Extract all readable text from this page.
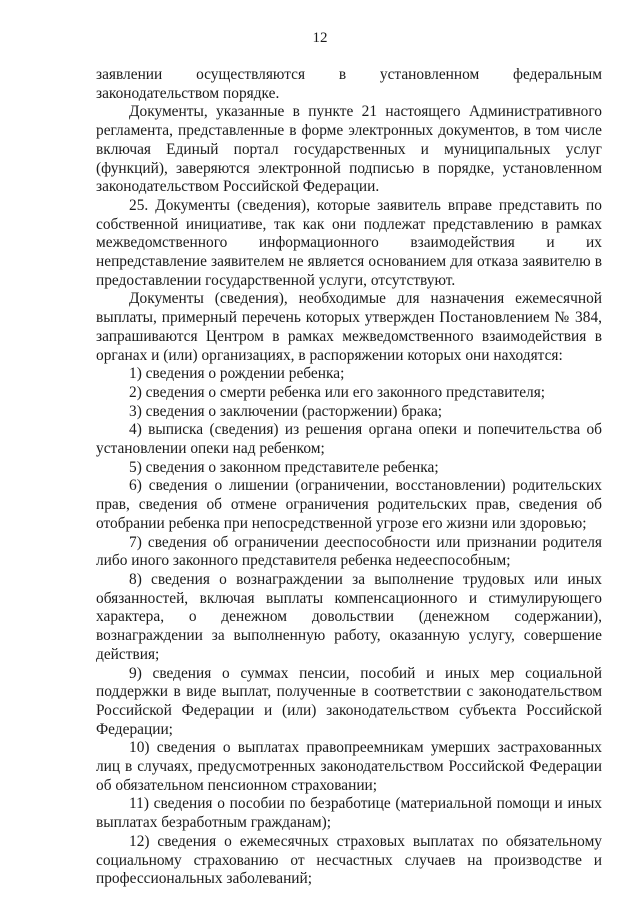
12

заявлении осуществляются в установленном федеральным законодательством порядке.

Документы, указанные в пункте 21 настоящего Административного регламента, представленные в форме электронных документов, в том числе включая Единый портал государственных и муниципальных услуг (функций), заверяются электронной подписью в порядке, установленном законодательством Российской Федерации.

25. Документы (сведения), которые заявитель вправе представить по собственной инициативе, так как они подлежат представлению в рамках межведомственного информационного взаимодействия и их непредставление заявителем не является основанием для отказа заявителю в предоставлении государственной услуги, отсутствуют.

Документы (сведения), необходимые для назначения ежемесячной выплаты, примерный перечень которых утвержден Постановлением № 384, запрашиваются Центром в рамках межведомственного взаимодействия в органах и (или) организациях, в распоряжении которых они находятся:

1) сведения о рождении ребенка;

2) сведения о смерти ребенка или его законного представителя;

3) сведения о заключении (расторжении) брака;

4) выписка (сведения) из решения органа опеки и попечительства об установлении опеки над ребенком;

5) сведения о законном представителе ребенка;

6) сведения о лишении (ограничении, восстановлении) родительских прав, сведения об отмене ограничения родительских прав, сведения об отобрании ребенка при непосредственной угрозе его жизни или здоровью;

7) сведения об ограничении дееспособности или признании родителя либо иного законного представителя ребенка недееспособным;

8) сведения о вознаграждении за выполнение трудовых или иных обязанностей, включая выплаты компенсационного и стимулирующего характера, о денежном довольствии (денежном содержании), вознаграждении за выполненную работу, оказанную услугу, совершение действия;

9) сведения о суммах пенсии, пособий и иных мер социальной поддержки в виде выплат, полученные в соответствии с законодательством Российской Федерации и (или) законодательством субъекта Российской Федерации;

10) сведения о выплатах правопреемникам умерших застрахованных лиц в случаях, предусмотренных законодательством Российской Федерации об обязательном пенсионном страховании;

11) сведения о пособии по безработице (материальной помощи и иных выплатах безработным гражданам);

12) сведения о ежемесячных страховых выплатах по обязательному социальному страхованию от несчастных случаев на производстве и профессиональных заболеваний;
